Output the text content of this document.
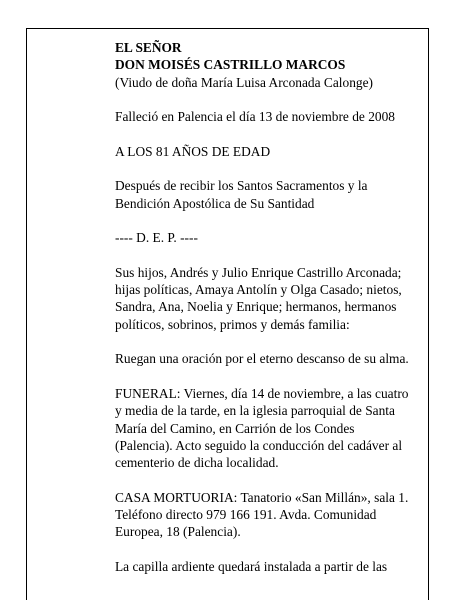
EL SEÑOR

DON MOISÉS CASTRILLO MARCOS

(Viudo de doña María Luisa Arconada Calonge)

Falleció en Palencia el día 13 de noviembre de 2008

A LOS 81 AÑOS DE EDAD

Después de recibir los Santos Sacramentos y la Bendición Apostólica de Su Santidad

---- D. E. P. ----

Sus hijos, Andrés y Julio Enrique Castrillo Arconada; hijas políticas, Amaya Antolín y Olga Casado; nietos, Sandra, Ana, Noelia y Enrique; hermanos, hermanos políticos, sobrinos, primos y demás familia:

Ruegan una oración por el eterno descanso de su alma.

FUNERAL: Viernes, día 14 de noviembre, a las cuatro y media de la tarde, en la iglesia parroquial de Santa María del Camino, en Carrión de los Condes (Palencia). Acto seguido la conducción del cadáver al cementerio de dicha localidad.

CASA MORTUORIA: Tanatorio «San Millán», sala 1. Teléfono directo 979 166 191. Avda. Comunidad Europea, 18 (Palencia).

La capilla ardiente quedará instalada a partir de las
